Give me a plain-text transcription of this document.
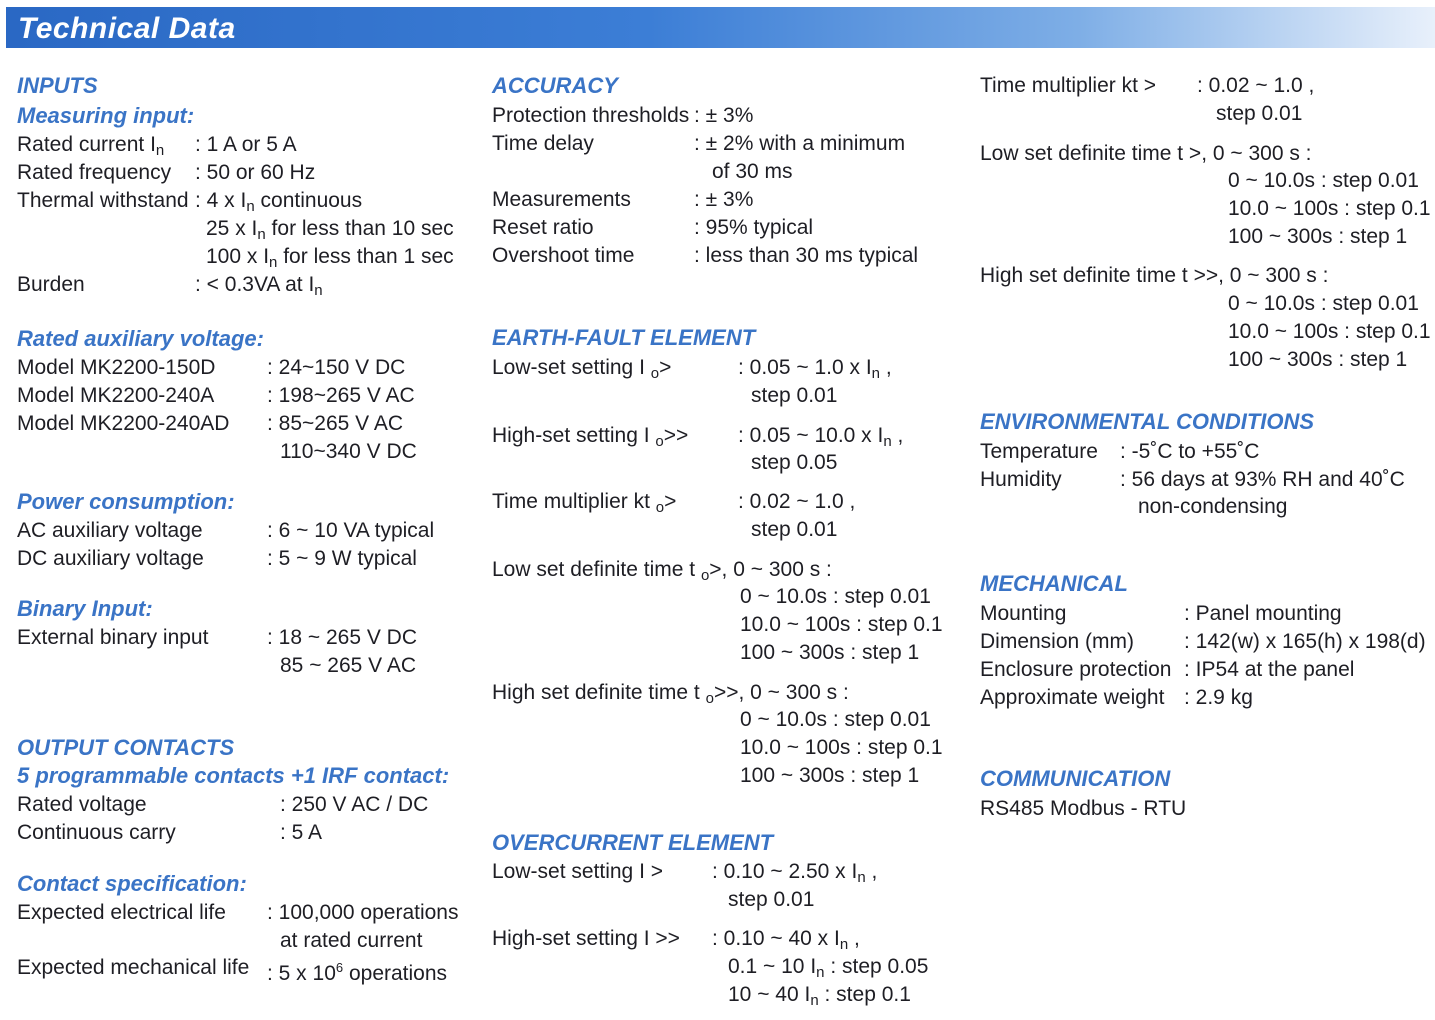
Technical Data
INPUTS
Measuring input:
Rated current $I_n$ : 1 A or 5 A
Rated frequency : 50 or 60 Hz
Thermal withstand : 4 x $I_n$ continuous
25 x $I_n$ for less than 10 sec
100 x $I_n$ for less than 1 sec
Burden	: < 0.3VA at $I_n$
Rated auxiliary voltage:
Model MK2200-150D : 24~150 V DC
Model MK2200-240A	: 198~265 V AC
Model MK2200-240AD : 85~265 V AC
110~340 V DC
Power consumption:
AC auxiliary voltage	: 6 ~ 10 VA typical
DC auxiliary voltage	: 5 ~ 9 W typical
Binary Input:
External binary input	: 18 ~ 265 V DC
85 ~ 265 V AC
OUTPUT CONTACTS
5 programmable contacts +1 IRF contact:
Rated voltage	: 250 V AC / DC
Continuous carry	: 5 A
Contact specification:
Expected electrical life : 100,000 operations
at rated current
Expected mechanical life : 5 x $10^6$ operations
ACCURACY
Protection thresholds : ± 3%
Time delay	: ± 2% with a minimum
of 30 ms
Measurements	: ± 3%
Reset ratio	: 95% typical
Overshoot time	: less than 30 ms typical
EARTH-FAULT ELEMENT
Low-set setting I $_o$>	: 0.05 ~ 1.0 x $I_n$ ,
step 0.01
High-set setting I $_o$>> : 0.05 ~ 10.0 x $I_n$ ,
step 0.05
Time multiplier kt $_o$>	: 0.02 ~ 1.0 ,
step 0.01
Low set definite time t $_o$>, 0 ~ 300 s :
0 ~ 10.0s : step 0.01
10.0 ~ 100s : step 0.1
100 ~ 300s : step 1
High set definite time t $_o$>>, 0 ~ 300 s :
0 ~ 10.0s : step 0.01
10.0 ~ 100s : step 0.1
100 ~ 300s : step 1
OVERCURRENT ELEMENT
Low-set setting I > : 0.10 ~ 2.50 x $I_n$ ,
step 0.01
High-set setting I >> : 0.10 ~ 40 x $I_n$ ,
0.1 ~ 10 $I_n$ : step 0.05
10 ~ 40 $I_n$ : step 0.1
Time multiplier kt > : 0.02 ~ 1.0 ,
step 0.01
Low set definite time t >, 0 ~ 300 s :
0 ~ 10.0s : step 0.01
10.0 ~ 100s : step 0.1
100 ~ 300s : step 1
High set definite time t >>, 0 ~ 300 s :
0 ~ 10.0s : step 0.01
10.0 ~ 100s : step 0.1
100 ~ 300s : step 1
ENVIRONMENTAL CONDITIONS
Temperature : -5˚C to +55˚C
Humidity	: 56 days at 93% RH and 40˚C
non-condensing
MECHANICAL
Mounting	: Panel mounting
Dimension (mm) : 142(w) x 165(h) x 198(d)
Enclosure protection : IP54 at the panel
Approximate weight : 2.9 kg
COMMUNICATION
RS485 Modbus - RTU
